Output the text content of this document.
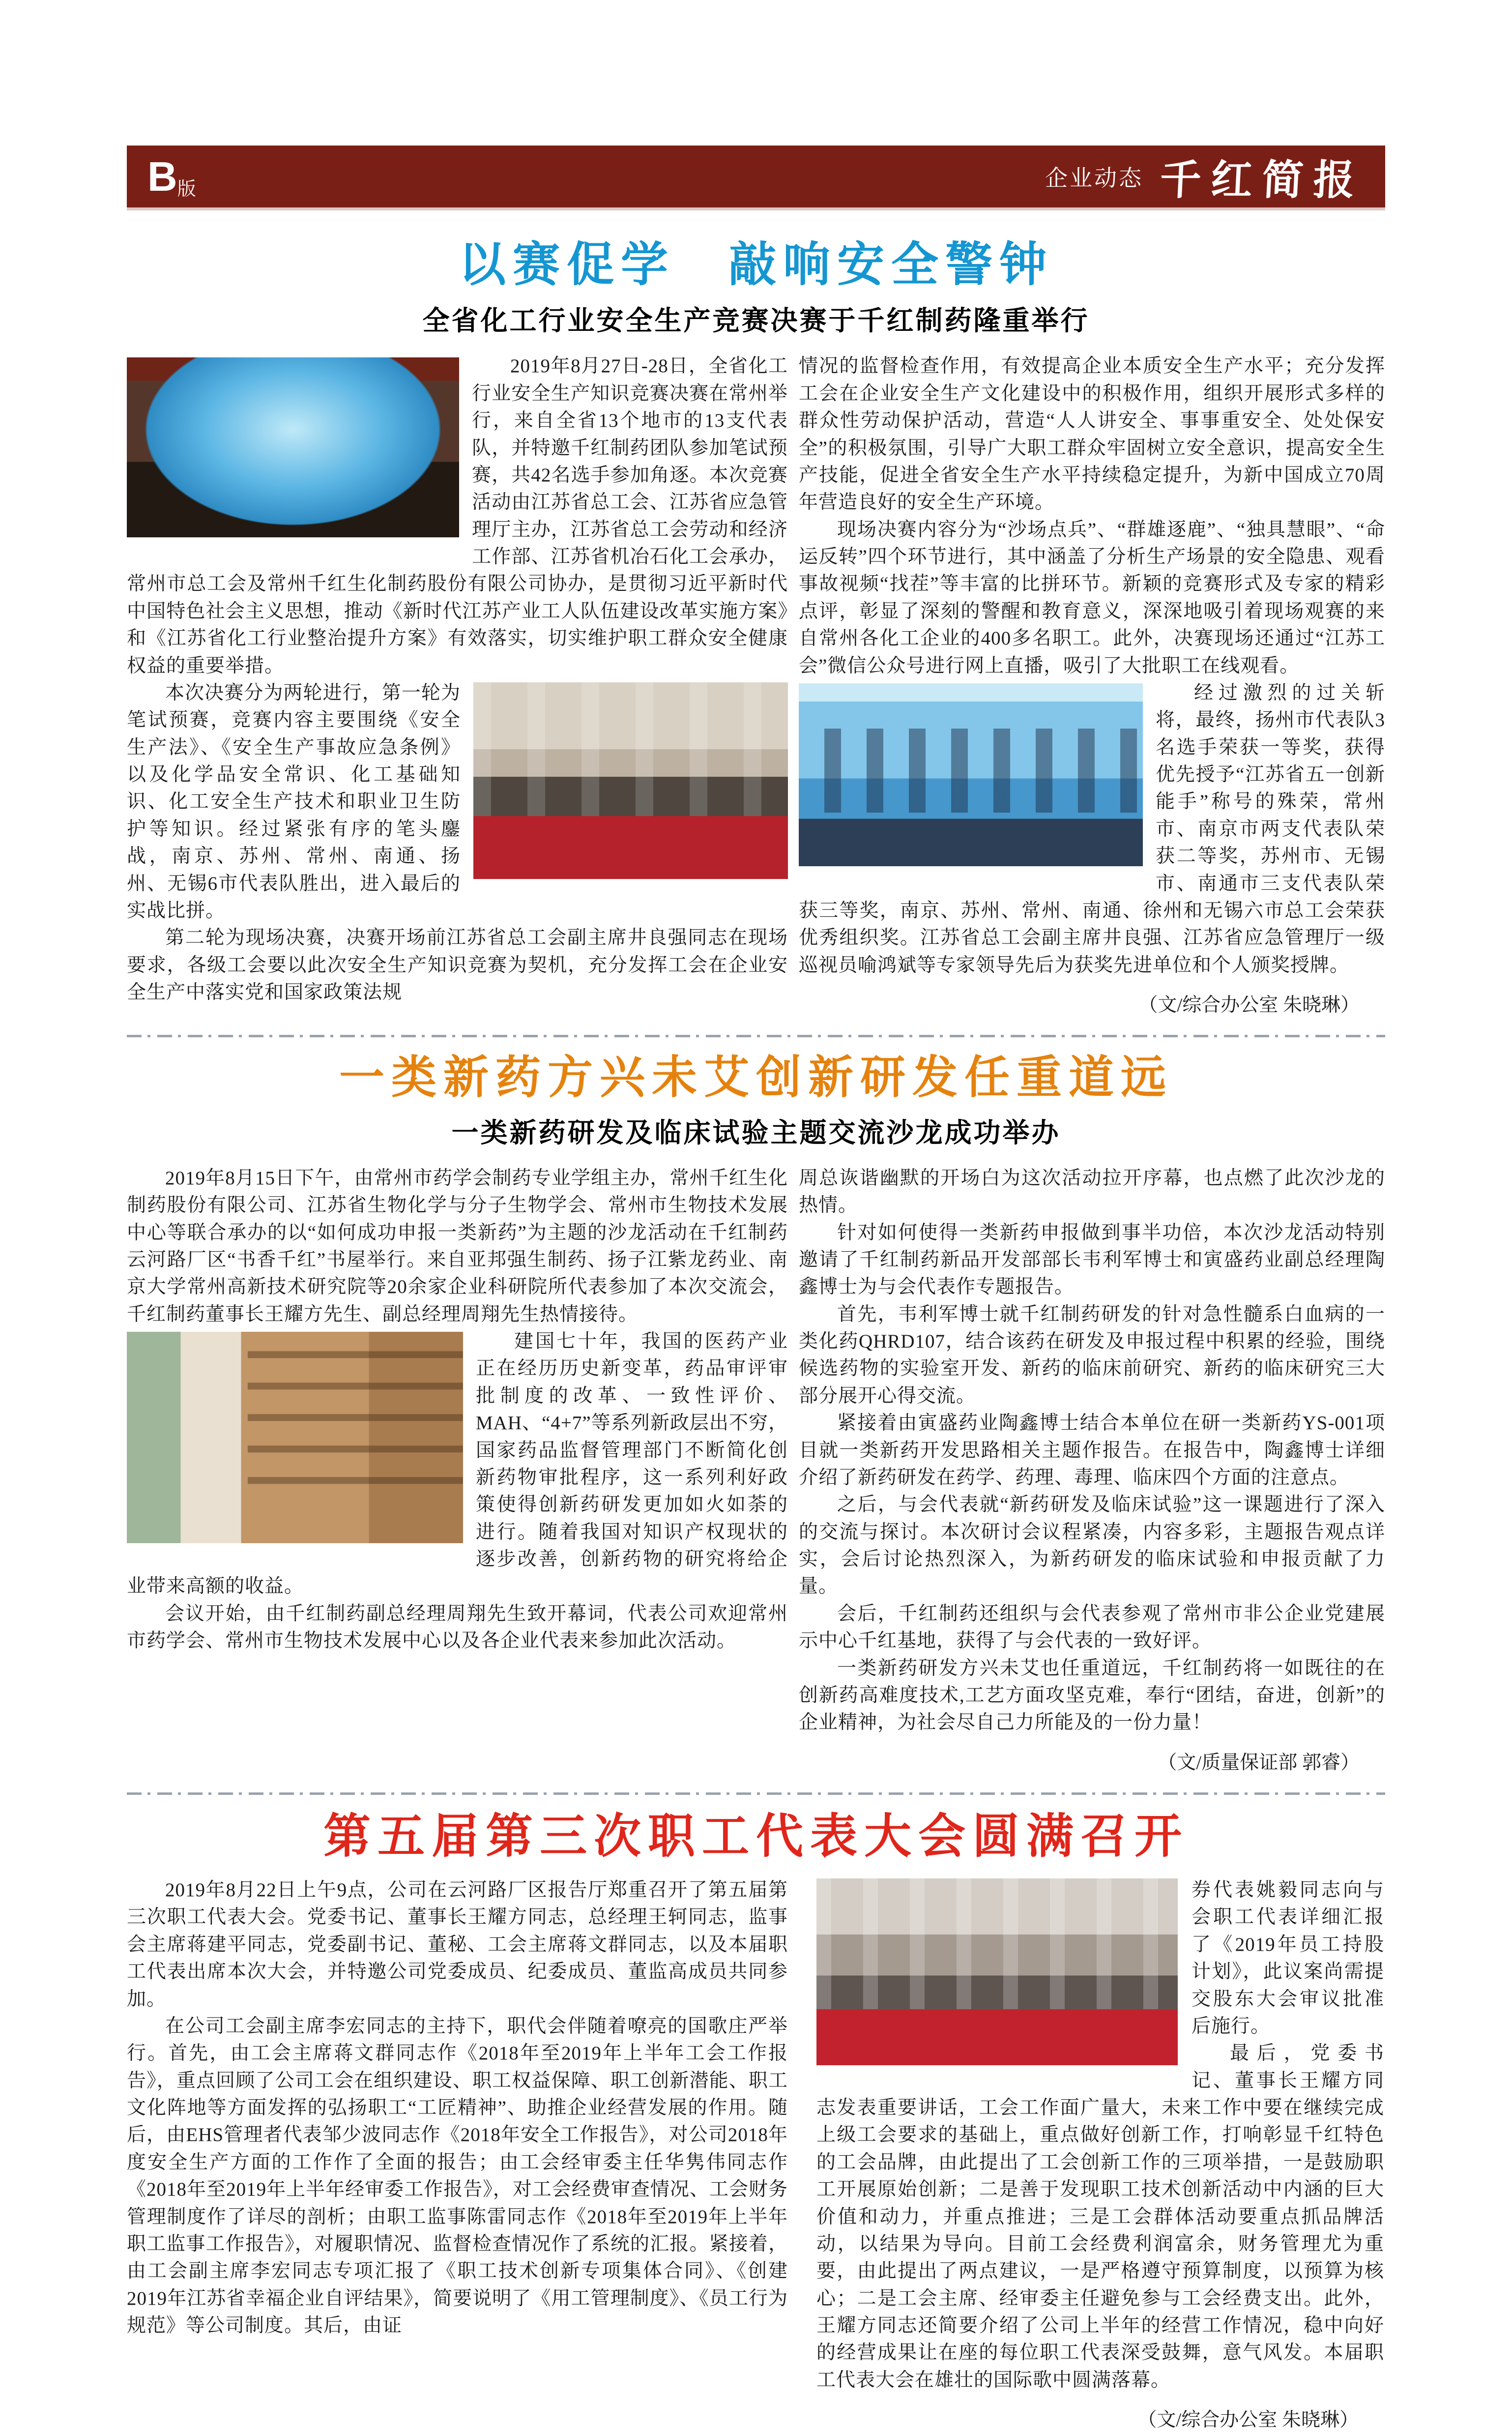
B版	企业动态 千红简报
以赛促学　敲响安全警钟
全省化工行业安全生产竞赛决赛于千红制药隆重举行

2019年8月27日-28日，全省化工行业安全生产知识竞赛决赛在常州举行，来自全省13个地市的13支代表队，并特邀千红制药团队参加笔试预赛，共42名选手参加角逐。本次竞赛活动由江苏省总工会、江苏省应急管理厅主办，江苏省总工会劳动和经济工作部、江苏省机冶石化工会承办，常州市总工会及常州千红生化制药股份有限公司协办，是贯彻习近平新时代中国特色社会主义思想，推动《新时代江苏产业工人队伍建设改革实施方案》和《江苏省化工行业整治提升方案》有效落实，切实维护职工群众安全健康权益的重要举措。

本次决赛分为两轮进行，第一轮为笔试预赛，竞赛内容主要围绕《安全生产法》、《安全生产事故应急条例》以及化学品安全常识、化工基础知识、化工安全生产技术和职业卫生防护等知识。经过紧张有序的笔头鏖战，南京、苏州、常州、南通、扬州、无锡6市代表队胜出，进入最后的实战比拼。

第二轮为现场决赛，决赛开场前江苏省总工会副主席井良强同志在现场要求，各级工会要以此次安全生产知识竞赛为契机，充分发挥工会在企业安全生产中落实党和国家政策法规

情况的监督检查作用，有效提高企业本质安全生产水平；充分发挥工会在企业安全生产文化建设中的积极作用，组织开展形式多样的群众性劳动保护活动，营造“人人讲安全、事事重安全、处处保安全”的积极氛围，引导广大职工群众牢固树立安全意识，提高安全生产技能，促进全省安全生产水平持续稳定提升，为新中国成立70周年营造良好的安全生产环境。

现场决赛内容分为“沙场点兵”、“群雄逐鹿”、“独具慧眼”、“命运反转”四个环节进行，其中涵盖了分析生产场景的安全隐患、观看事故视频“找茬”等丰富的比拼环节。新颖的竞赛形式及专家的精彩点评，彰显了深刻的警醒和教育意义，深深地吸引着现场观赛的来自常州各化工企业的400多名职工。此外，决赛现场还通过“江苏工会”微信公众号进行网上直播，吸引了大批职工在线观看。

经过激烈的过关斩将，最终，扬州市代表队3名选手荣获一等奖，获得优先授予“江苏省五一创新能手”称号的殊荣，常州市、南京市两支代表队荣获二等奖，苏州市、无锡市、南通市三支代表队荣获三等奖，南京、苏州、常州、南通、徐州和无锡六市总工会荣获优秀组织奖。江苏省总工会副主席井良强、江苏省应急管理厅一级巡视员喻鸿斌等专家领导先后为获奖先进单位和个人颁奖授牌。

（文/综合办公室 朱晓琳）
一类新药方兴未艾创新研发任重道远
一类新药研发及临床试验主题交流沙龙成功举办

2019年8月15日下午，由常州市药学会制药专业学组主办，常州千红生化制药股份有限公司、江苏省生物化学与分子生物学会、常州市生物技术发展中心等联合承办的以“如何成功申报一类新药”为主题的沙龙活动在千红制药云河路厂区“书香千红”书屋举行。来自亚邦强生制药、扬子江紫龙药业、南京大学常州高新技术研究院等20余家企业科研院所代表参加了本次交流会，千红制药董事长王耀方先生、副总经理周翔先生热情接待。

建国七十年，我国的医药产业正在经历历史新变革，药品审评审批制度的改革、一致性评价、MAH、“4+7”等系列新政层出不穷，国家药品监督管理部门不断简化创新药物审批程序，这一系列利好政策使得创新药研发更加如火如荼的进行。随着我国对知识产权现状的逐步改善，创新药物的研究将给企业带来高额的收益。

会议开始，由千红制药副总经理周翔先生致开幕词，代表公司欢迎常州市药学会、常州市生物技术发展中心以及各企业代表来参加此次活动。

周总诙谐幽默的开场白为这次活动拉开序幕，也点燃了此次沙龙的热情。

针对如何使得一类新药申报做到事半功倍，本次沙龙活动特别邀请了千红制药新品开发部部长韦利军博士和寅盛药业副总经理陶鑫博士为与会代表作专题报告。

首先，韦利军博士就千红制药研发的针对急性髓系白血病的一类化药QHRD107，结合该药在研发及申报过程中积累的经验，围绕候选药物的实验室开发、新药的临床前研究、新药的临床研究三大部分展开心得交流。

紧接着由寅盛药业陶鑫博士结合本单位在研一类新药YS-001项目就一类新药开发思路相关主题作报告。在报告中，陶鑫博士详细介绍了新药研发在药学、药理、毒理、临床四个方面的注意点。

之后，与会代表就“新药研发及临床试验”这一课题进行了深入的交流与探讨。本次研讨会议程紧凑，内容多彩，主题报告观点详实，会后讨论热烈深入，为新药研发的临床试验和申报贡献了力量。

会后，千红制药还组织与会代表参观了常州市非公企业党建展示中心千红基地，获得了与会代表的一致好评。

一类新药研发方兴未艾也任重道远，千红制药将一如既往的在创新药高难度技术,工艺方面攻坚克难，奉行“团结，奋进，创新”的企业精神，为社会尽自己力所能及的一份力量！

（文/质量保证部 郭睿）
第五届第三次职工代表大会圆满召开

2019年8月22日上午9点，公司在云河路厂区报告厅郑重召开了第五届第三次职工代表大会。党委书记、董事长王耀方同志，总经理王轲同志，监事会主席蒋建平同志，党委副书记、董秘、工会主席蒋文群同志，以及本届职工代表出席本次大会，并特邀公司党委成员、纪委成员、董监高成员共同参加。

在公司工会副主席李宏同志的主持下，职代会伴随着嘹亮的国歌庄严举行。首先，由工会主席蒋文群同志作《2018年至2019年上半年工会工作报告》，重点回顾了公司工会在组织建设、职工权益保障、职工创新潜能、职工文化阵地等方面发挥的弘扬职工“工匠精神”、助推企业经营发展的作用。随后，由EHS管理者代表邹少波同志作《2018年安全工作报告》，对公司2018年度安全生产方面的工作作了全面的报告；由工会经审委主任华隽伟同志作《2018年至2019年上半年经审委工作报告》，对工会经费审查情况、工会财务管理制度作了详尽的剖析；由职工监事陈雷同志作《2018年至2019年上半年职工监事工作报告》，对履职情况、监督检查情况作了系统的汇报。紧接着，由工会副主席李宏同志专项汇报了《职工技术创新专项集体合同》、《创建2019年江苏省幸福企业自评结果》，简要说明了《用工管理制度》、《员工行为规范》等公司制度。其后，由证

券代表姚毅同志向与会职工代表详细汇报了《2019年员工持股计划》，此议案尚需提交股东大会审议批准后施行。

最后，党委书记、董事长王耀方同志发表重要讲话，工会工作面广量大，未来工作中要在继续完成上级工会要求的基础上，重点做好创新工作，打响彰显千红特色的工会品牌，由此提出了工会创新工作的三项举措，一是鼓励职工开展原始创新；二是善于发现职工技术创新活动中内涵的巨大价值和动力，并重点推进；三是工会群体活动要重点抓品牌活动，以结果为导向。目前工会经费利润富余，财务管理尤为重要，由此提出了两点建议，一是严格遵守预算制度，以预算为核心；二是工会主席、经审委主任避免参与工会经费支出。此外，王耀方同志还简要介绍了公司上半年的经营工作情况，稳中向好的经营成果让在座的每位职工代表深受鼓舞，意气风发。本届职工代表大会在雄壮的国际歌中圆满落幕。

（文/综合办公室 朱晓琳）
